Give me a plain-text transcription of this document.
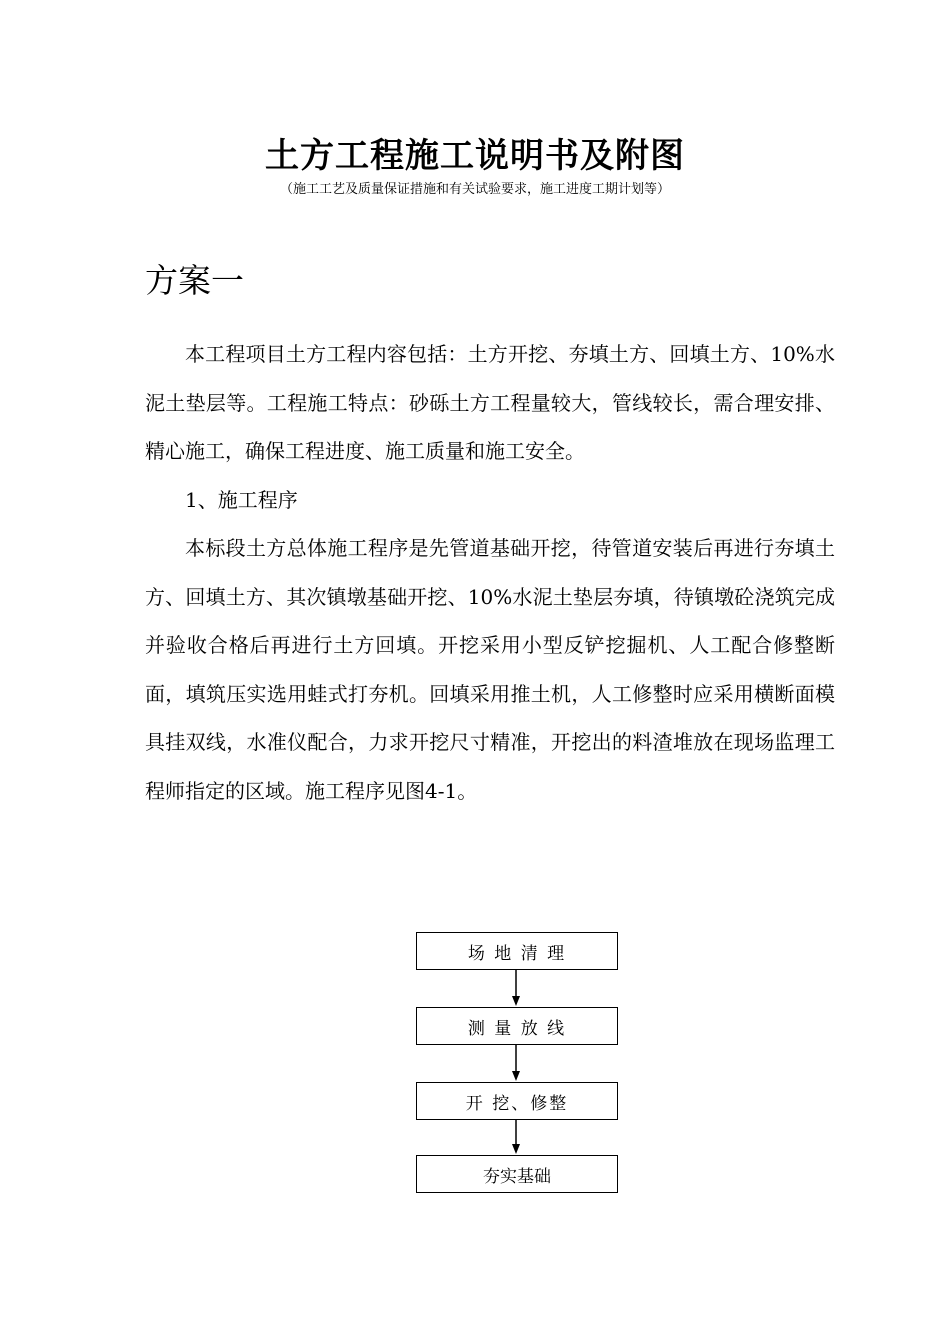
土方工程施工说明书及附图

（施工工艺及质量保证措施和有关试验要求，施工进度工期计划等）

方案一

本工程项目土方工程内容包括：土方开挖、夯填土方、回填土方、10%水泥土垫层等。工程施工特点：砂砾土方工程量较大，管线较长，需合理安排、精心施工，确保工程进度、施工质量和施工安全。

1、施工程序

本标段土方总体施工程序是先管道基础开挖，待管道安装后再进行夯填土方、回填土方、其次镇墩基础开挖、10%水泥土垫层夯填，待镇墩砼浇筑完成并验收合格后再进行土方回填。开挖采用小型反铲挖掘机、人工配合修整断面，填筑压实选用蛙式打夯机。回填采用推土机，人工修整时应采用横断面模具挂双线，水准仪配合，力求开挖尺寸精准，开挖出的料渣堆放在现场监理工程师指定的区域。施工程序见图4-1。

场 地 清 理
测 量 放 线
开 挖、修整
夯实基础
